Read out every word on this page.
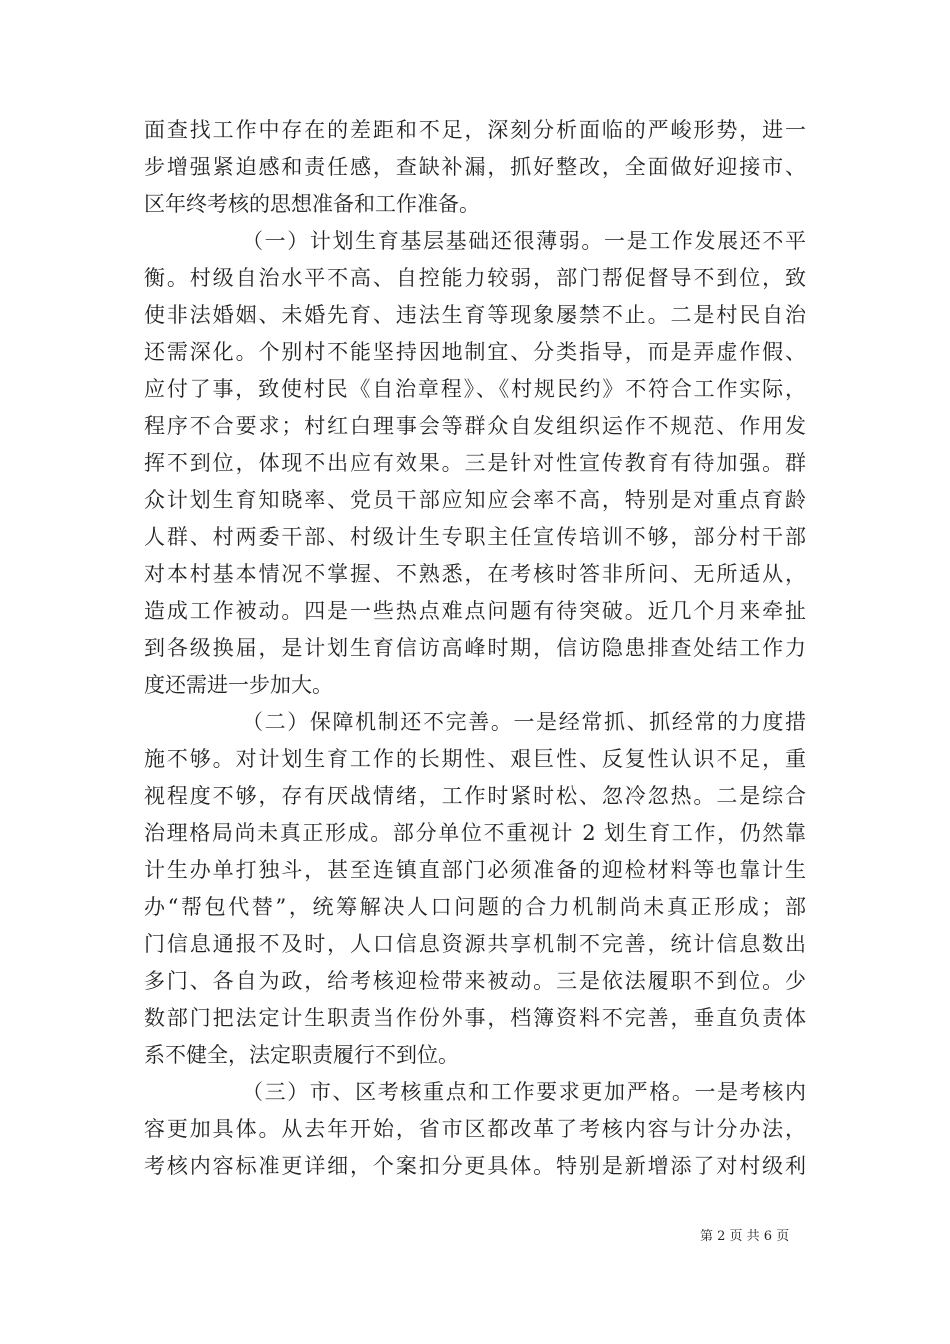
面查找工作中存在的差距和不足，深刻分析面临的严峻形势，进一
步增强紧迫感和责任感，查缺补漏，抓好整改，全面做好迎接市、
区年终考核的思想准备和工作准备。
（一）计划生育基层基础还很薄弱。一是工作发展还不平
衡。村级自治水平不高、自控能力较弱，部门帮促督导不到位，致
使非法婚姻、未婚先育、违法生育等现象屡禁不止。二是村民自治
还需深化。个别村不能坚持因地制宜、分类指导，而是弄虚作假、
应付了事，致使村民《自治章程》、《村规民约》不符合工作实际，
程序不合要求；村红白理事会等群众自发组织运作不规范、作用发
挥不到位，体现不出应有效果。三是针对性宣传教育有待加强。群
众计划生育知晓率、党员干部应知应会率不高，特别是对重点育龄
人群、村两委干部、村级计生专职主任宣传培训不够，部分村干部
对本村基本情况不掌握、不熟悉，在考核时答非所问、无所适从，
造成工作被动。四是一些热点难点问题有待突破。近几个月来牵扯
到各级换届，是计划生育信访高峰时期，信访隐患排查处结工作力
度还需进一步加大。
（二）保障机制还不完善。一是经常抓、抓经常的力度措
施不够。对计划生育工作的长期性、艰巨性、反复性认识不足，重
视程度不够，存有厌战情绪，工作时紧时松、忽冷忽热。二是综合
治理格局尚未真正形成。部分单位不重视计 2 划生育工作，仍然靠
计生办单打独斗，甚至连镇直部门必须准备的迎检材料等也靠计生
办“帮包代替”，统筹解决人口问题的合力机制尚未真正形成；部
门信息通报不及时，人口信息资源共享机制不完善，统计信息数出
多门、各自为政，给考核迎检带来被动。三是依法履职不到位。少
数部门把法定计生职责当作份外事，档簿资料不完善，垂直负责体
系不健全，法定职责履行不到位。
（三）市、区考核重点和工作要求更加严格。一是考核内
容更加具体。从去年开始，省市区都改革了考核内容与计分办法，
考核内容标准更详细，个案扣分更具体。特别是新增添了对村级利
第 2 页 共 6 页
